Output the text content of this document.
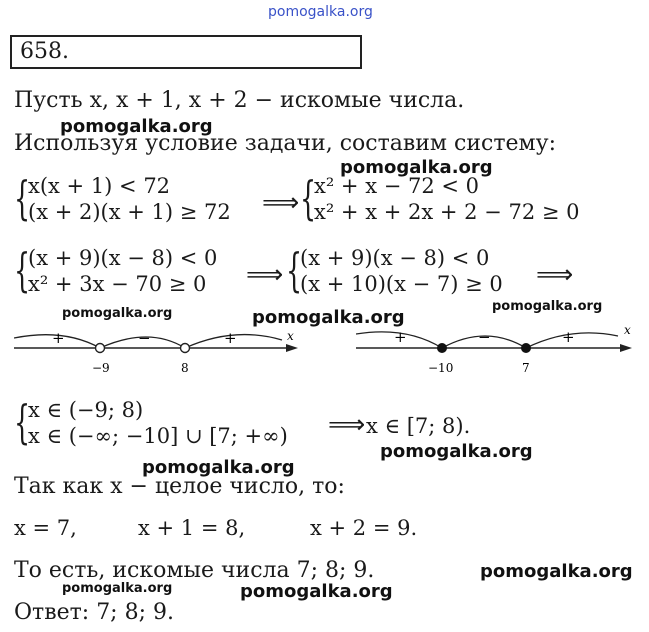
pomogalka.org
658.
Пусть x, x + 1, x + 2 − искомые числа.
Используя условие задачи, составим систему:
pomogalka.org
pomogalka.org
{
x(x + 1) < 72
(x + 2)(x + 1) ≥ 72 ⟹ {
x² + x − 72 < 0
x² + x + 2x + 2 − 72 ≥ 0
{
(x + 9)(x − 8) < 0
x² + 3x − 70 ≥ 0 ⟹ {
(x + 9)(x − 8) < 0
(x + 10)(x − 7) ≥ 0 ⟹
pomogalka.org	pomogalka.org
pomogalka.org
+	−	+	x
−9	8
+	−	+	x
−10	7
{
x ∈ (−9; 8)
x ∈ (−∞; −10] ∪ [7; +∞) ⟹ x ∈ [7; 8).
pomogalka.org
pomogalka.org
Так как x − целое число, то:
x = 7,	x + 1 = 8,	x + 2 = 9.
То есть, искомые числа 7; 8; 9.	pomogalka.org
pomogalka.org	pomogalka.org
Ответ: 7; 8; 9.
